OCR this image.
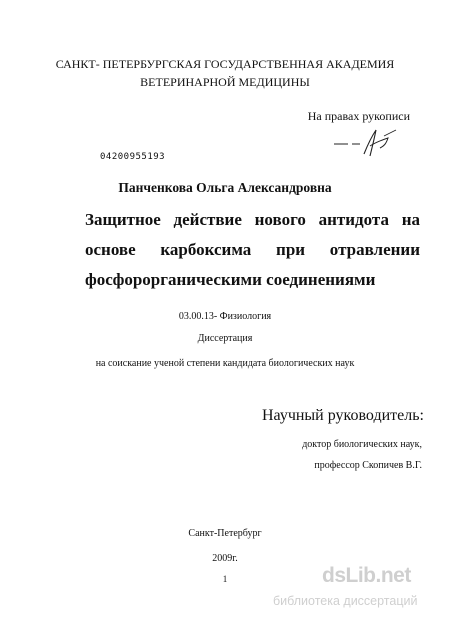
САНКТ- ПЕТЕРБУРГСКАЯ ГОСУДАРСТВЕННАЯ АКАДЕМИЯ
ВЕТЕРИНАРНОЙ МЕДИЦИНЫ
На правах рукописи
04200955193
Панченкова Ольга Александровна
Защитное действие нового антидота на
основе карбоксима при отравлении
фосфорорганическими соединениями
03.00.13- Физиология
Диссертация
на соискание ученой степени кандидата биологических наук
Научный руководитель:
доктор биологических наук,
профессор Скопичев В.Г.
Санкт-Петербург
2009г.
1	dsLib.net
библиотека диссертаций
